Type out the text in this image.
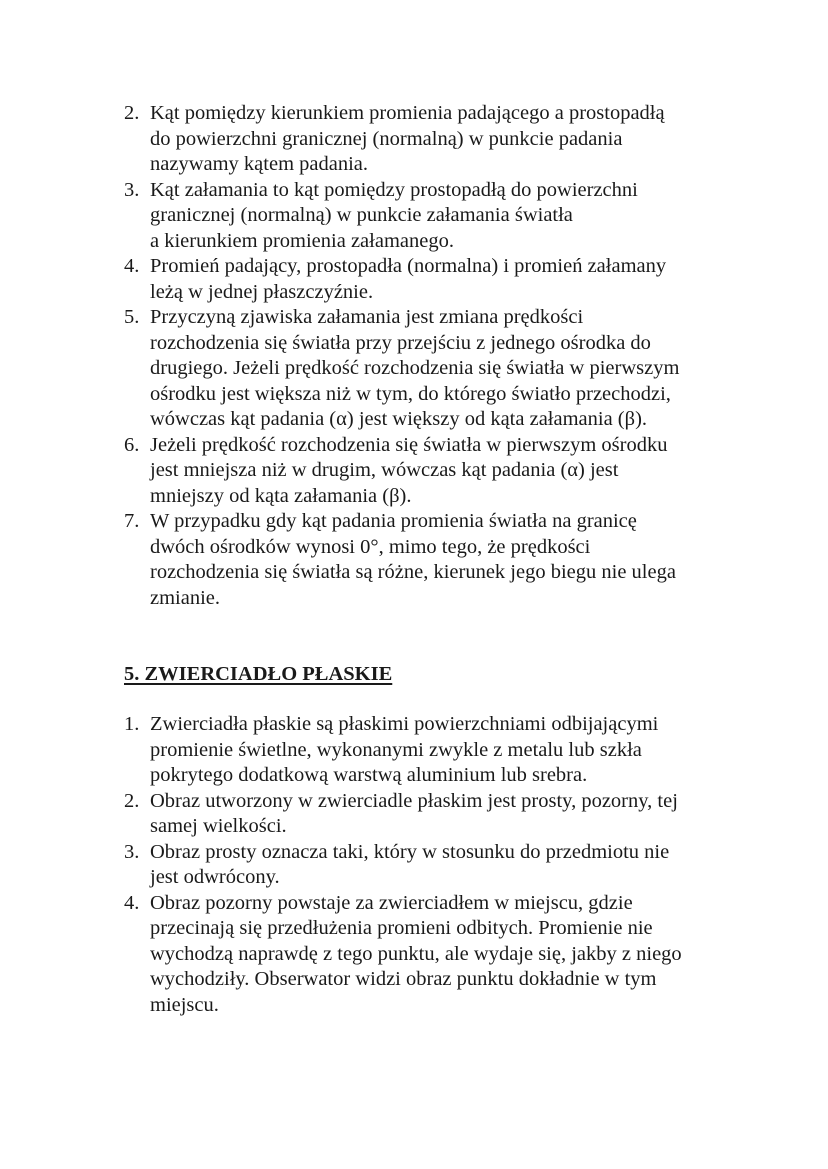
2. Kąt pomiędzy kierunkiem promienia padającego a prostopadłą
do powierzchni granicznej (normalną) w punkcie padania
nazywamy kątem padania.
3. Kąt załamania to kąt pomiędzy prostopadłą do powierzchni
granicznej (normalną) w punkcie załamania światła
a kierunkiem promienia załamanego.
4. Promień padający, prostopadła (normalna) i promień załamany
leżą w jednej płaszczyźnie.
5. Przyczyną zjawiska załamania jest zmiana prędkości
rozchodzenia się światła przy przejściu z jednego ośrodka do
drugiego. Jeżeli prędkość rozchodzenia się światła w pierwszym
ośrodku jest większa niż w tym, do którego światło przechodzi,
wówczas kąt padania (α) jest większy od kąta załamania (β).
6. Jeżeli prędkość rozchodzenia się światła w pierwszym ośrodku
jest mniejsza niż w drugim, wówczas kąt padania (α) jest
mniejszy od kąta załamania (β).
7. W przypadku gdy kąt padania promienia światła na granicę
dwóch ośrodków wynosi 0°, mimo tego, że prędkości
rozchodzenia się światła są różne, kierunek jego biegu nie ulega
zmianie.
5. ZWIERCIADŁO PŁASKIE
1. Zwierciadła płaskie są płaskimi powierzchniami odbijającymi
promienie świetlne, wykonanymi zwykle z metalu lub szkła
pokrytego dodatkową warstwą aluminium lub srebra.
2. Obraz utworzony w zwierciadle płaskim jest prosty, pozorny, tej
samej wielkości.
3. Obraz prosty oznacza taki, który w stosunku do przedmiotu nie
jest odwrócony.
4. Obraz pozorny powstaje za zwierciadłem w miejscu, gdzie
przecinają się przedłużenia promieni odbitych. Promienie nie
wychodzą naprawdę z tego punktu, ale wydaje się, jakby z niego
wychodziły. Obserwator widzi obraz punktu dokładnie w tym
miejscu.
